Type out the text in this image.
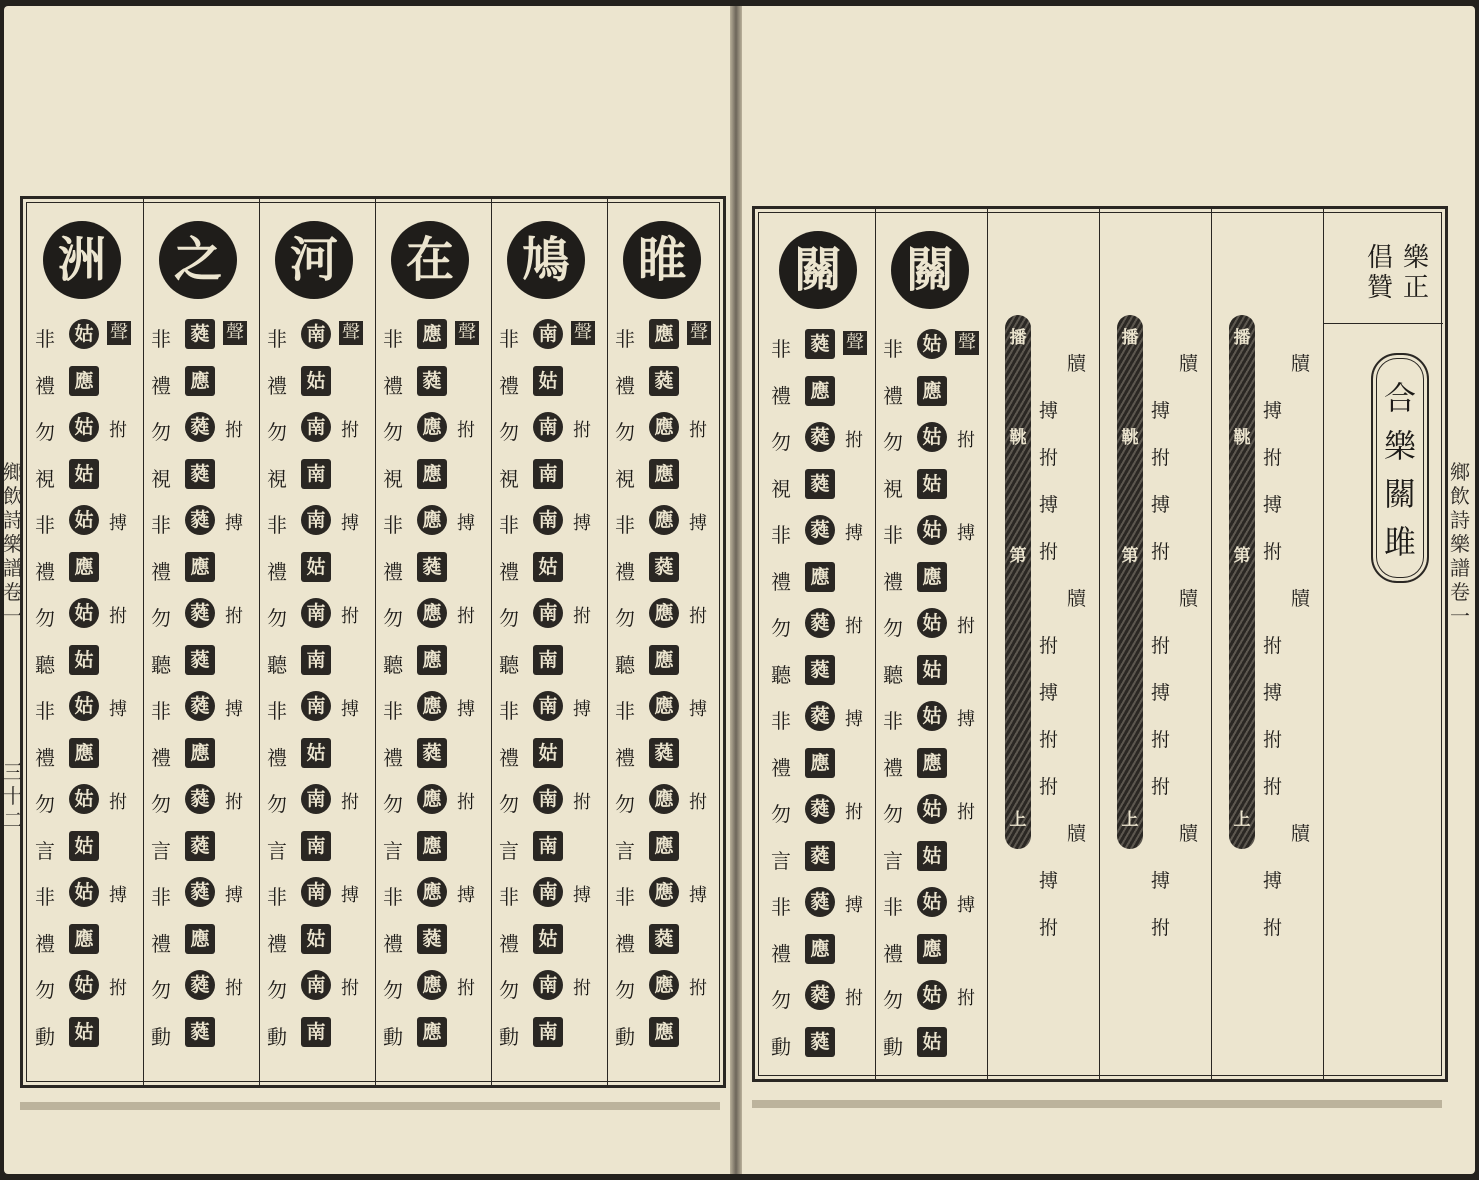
鄉飲詩樂譜卷一
三十二
鄉飲詩樂譜卷一
睢
非 應 聲
禮 蕤
勿 應 拊
視 應
非 應 搏
禮 蕤
勿 應 拊
聽 應
非 應 搏
禮 蕤
勿 應 拊
言 應
非 應 搏
禮 蕤
勿 應 拊
動 應
鳩
非 南 聲
禮 姑
勿 南 拊
視 南
非 南 搏
禮 姑
勿 南 拊
聽 南
非 南 搏
禮 姑
勿 南 拊
言 南
非 南 搏
禮 姑
勿 南 拊
動 南
在
非 應 聲
禮 蕤
勿 應 拊
視 應
非 應 搏
禮 蕤
勿 應 拊
聽 應
非 應 搏
禮 蕤
勿 應 拊
言 應
非 應 搏
禮 蕤
勿 應 拊
動 應
河
非 南 聲
禮 姑
勿 南 拊
視 南
非 南 搏
禮 姑
勿 南 拊
聽 南
非 南 搏
禮 姑
勿 南 拊
言 南
非 南 搏
禮 姑
勿 南 拊
動 南
之
非 蕤 聲
禮 應
勿 蕤 拊
視 蕤
非 蕤 搏
禮 應
勿 蕤 拊
聽 蕤
非 蕤 搏
禮 應
勿 蕤 拊
言 蕤
非 蕤 搏
禮 應
勿 蕤 拊
動 蕤
洲
非 姑 聲
禮 應
勿 姑 拊
視 姑
非 姑 搏
禮 應
勿 姑 拊
聽 姑
非 姑 搏
禮 應
勿 姑 拊
言 姑
非 姑 搏
禮 應
勿 姑 拊
動 姑
樂正
倡贊
合
樂
關
雎
播
鞉
第
上
牘
搏
拊
搏
拊
牘
拊
搏
拊
拊
牘
搏
拊
播
鞉
第
上
牘
搏
拊
搏
拊
牘
拊
搏
拊
拊
牘
搏
拊
播
鞉
第
上
牘
搏
拊
搏
拊
牘
拊
搏
拊
拊
牘
搏
拊
關
非 姑 聲
禮 應
勿 姑 拊
視 姑
非 姑 搏
禮 應
勿 姑 拊
聽 姑
非 姑 搏
禮 應
勿 姑 拊
言 姑
非 姑 搏
禮 應
勿 姑 拊
動 姑
關
非 蕤 聲
禮 應
勿 蕤 拊
視 蕤
非 蕤 搏
禮 應
勿 蕤 拊
聽 蕤
非 蕤 搏
禮 應
勿 蕤 拊
言 蕤
非 蕤 搏
禮 應
勿 蕤 拊
動 蕤
